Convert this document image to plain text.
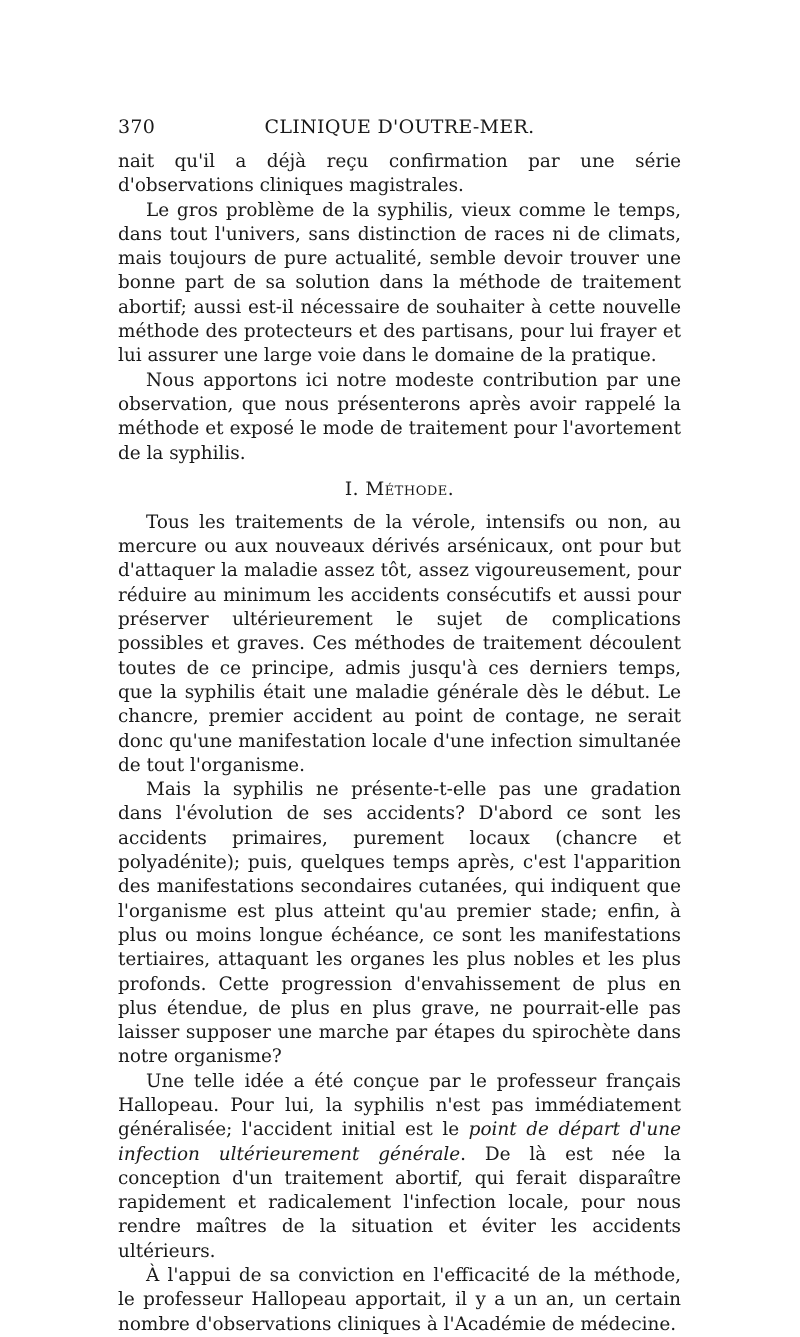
370	CLINIQUE D'OUTRE-MER.

nait qu'il a déjà reçu confirmation par une série d'observations cliniques magistrales.

Le gros problème de la syphilis, vieux comme le temps, dans tout l'univers, sans distinction de races ni de climats, mais toujours de pure actualité, semble devoir trouver une bonne part de sa solution dans la méthode de traitement abortif; aussi est-il nécessaire de souhaiter à cette nouvelle méthode des protecteurs et des partisans, pour lui frayer et lui assurer une large voie dans le domaine de la pratique.

Nous apportons ici notre modeste contribution par une observation, que nous présenterons après avoir rappelé la méthode et exposé le mode de traitement pour l'avortement de la syphilis.

I. Méthode.

Tous les traitements de la vérole, intensifs ou non, au mercure ou aux nouveaux dérivés arsénicaux, ont pour but d'attaquer la maladie assez tôt, assez vigoureusement, pour réduire au minimum les accidents consécutifs et aussi pour préserver ultérieurement le sujet de complications possibles et graves. Ces méthodes de traitement découlent toutes de ce principe, admis jusqu'à ces derniers temps, que la syphilis était une maladie générale dès le début. Le chancre, premier accident au point de contage, ne serait donc qu'une manifestation locale d'une infection simultanée de tout l'organisme.

Mais la syphilis ne présente-t-elle pas une gradation dans l'évolution de ses accidents? D'abord ce sont les accidents primaires, purement locaux (chancre et polyadénite); puis, quelques temps après, c'est l'apparition des manifestations secondaires cutanées, qui indiquent que l'organisme est plus atteint qu'au premier stade; enfin, à plus ou moins longue échéance, ce sont les manifestations tertiaires, attaquant les organes les plus nobles et les plus profonds. Cette progression d'envahissement de plus en plus étendue, de plus en plus grave, ne pourrait-elle pas laisser supposer une marche par étapes du spirochète dans notre organisme?

Une telle idée a été conçue par le professeur français Hallopeau. Pour lui, la syphilis n'est pas immédiatement généralisée; l'accident initial est le point de départ d'une infection ultérieurement générale. De là est née la conception d'un traitement abortif, qui ferait disparaître rapidement et radicalement l'infection locale, pour nous rendre maîtres de la situation et éviter les accidents ultérieurs.

À l'appui de sa conviction en l'efficacité de la méthode, le professeur Hallopeau apportait, il y a un an, un certain nombre d'observations cliniques à l'Académie de médecine.
